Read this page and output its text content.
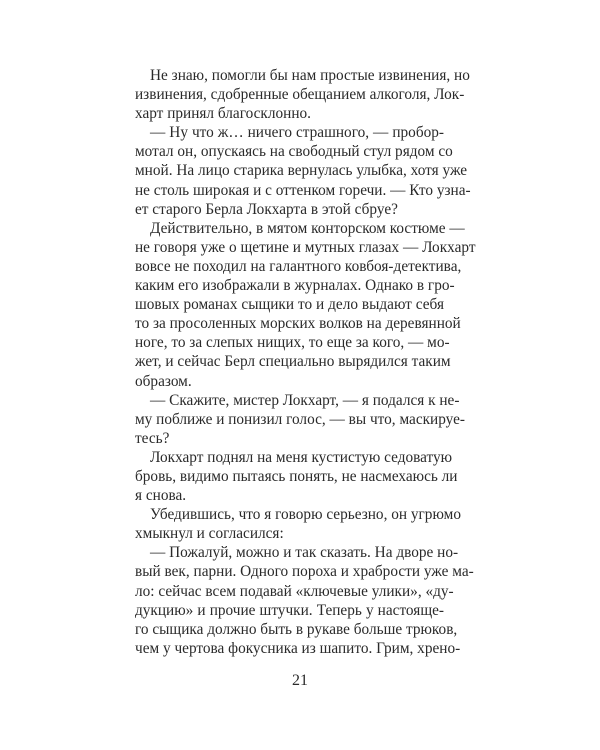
Не знаю, помогли бы нам простые извинения, но
извинения, сдобренные обещанием алкоголя, Лок-
харт принял благосклонно.
— Ну что ж… ничего страшного, — пробор-
мотал он, опускаясь на свободный стул рядом со
мной. На лицо старика вернулась улыбка, хотя уже
не столь широкая и с оттенком горечи. — Кто узна-
ет старого Берла Локхарта в этой сбруе?
Действительно, в мятом конторском костюме —
не говоря уже о щетине и мутных глазах — Локхарт
вовсе не походил на галантного ковбоя-детектива,
каким его изображали в журналах. Однако в гро-
шовых романах сыщики то и дело выдают себя
то за просоленных морских волков на деревянной
ноге, то за слепых нищих, то еще за кого, — мо-
жет, и сейчас Берл специально вырядился таким
образом.
— Скажите, мистер Локхарт, — я подался к не-
му поближе и понизил голос, — вы что, маскируе-
тесь?
Локхарт поднял на меня кустистую седоватую
бровь, видимо пытаясь понять, не насмехаюсь ли
я снова.
Убедившись, что я говорю серьезно, он угрюмо
хмыкнул и согласился:
— Пожалуй, можно и так сказать. На дворе но-
вый век, парни. Одного пороха и храбрости уже ма-
ло: сейчас всем подавай «ключевые улики», «ду-
дукцию» и прочие штучки. Теперь у настояще-
го сыщика должно быть в рукаве больше трюков,
чем у чертова фокусника из шапито. Грим, хрено-
21
